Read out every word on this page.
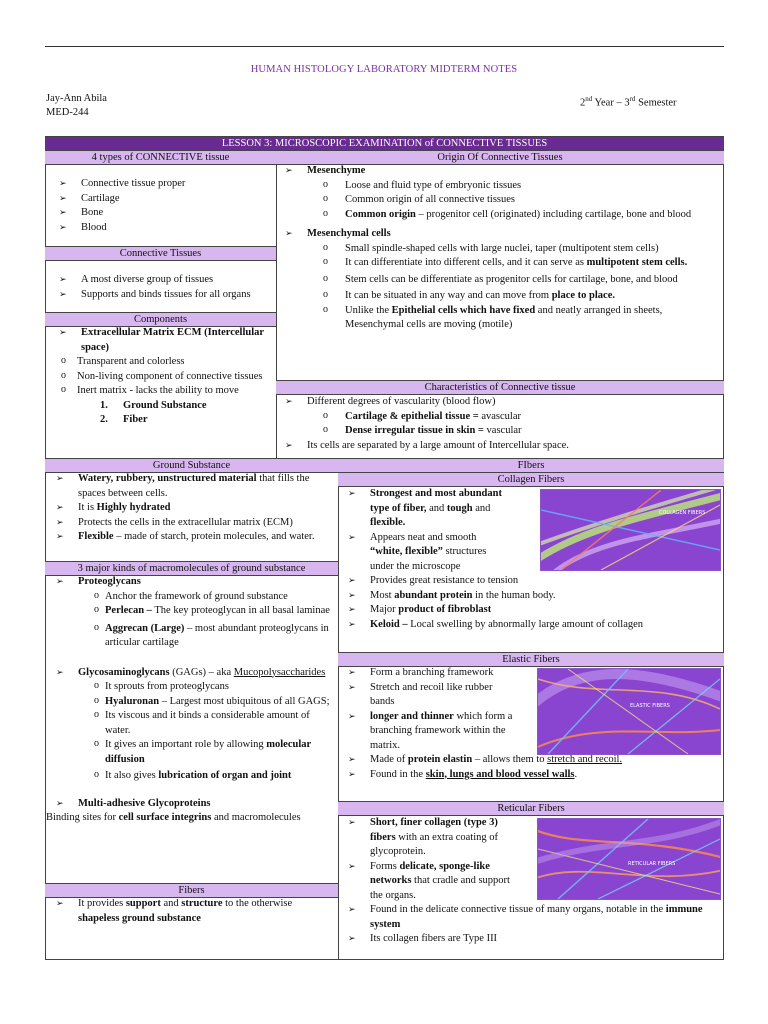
HUMAN HISTOLOGY LABORATORY MIDTERM NOTES
Jay-Ann Abila
MED-244
2nd Year – 3rd Semester
LESSON 3: MICROSCOPIC EXAMINATION of CONNECTIVE TISSUES
4 types of CONNECTIVE tissue	Origin Of Connective Tissues
➢ Connective tissue proper
➢ Cartilage
➢ Bone
➢ Blood
Connective Tissues
➢ A most diverse group of tissues
➢ Supports and binds tissues for all organs
Components
➢ Extracellular Matrix ECM (Intercellular space)
o Transparent and colorless
o Non-living component of connective tissues
o Inert matrix - lacks the ability to move
1. Ground Substance
2. Fiber
➢ Mesenchyme
o Loose and fluid type of embryonic tissues
o Common origin of all connective tissues
o Common origin – progenitor cell (originated) including cartilage, bone and blood
➢ Mesenchymal cells
o Small spindle-shaped cells with large nuclei, taper (multipotent stem cells)
o It can differentiate into different cells, and it can serve as multipotent stem cells.
o Stem cells can be differentiate as progenitor cells for cartilage, bone, and blood
o It can be situated in any way and can move from place to place.
o Unlike the Epithelial cells which have fixed and neatly arranged in sheets, Mesenchymal cells are moving (motile)
Characteristics of Connective tissue
➢ Different degrees of vascularity (blood flow)
o Cartilage & epithelial tissue = avascular
o Dense irregular tissue in skin = vascular
➢ Its cells are separated by a large amount of Intercellular space.
Ground Substance	FIbers
➢ Watery, rubbery, unstructured material that fills the spaces between cells.
➢ It is Highly hydrated
➢ Protects the cells in the extracellular matrix (ECM)
➢ Flexible – made of starch, protein molecules, and water.
3 major kinds of macromolecules of ground substance
➢ Proteoglycans
o Anchor the framework of ground substance
o Perlecan – The key proteoglycan in all basal laminae
o Aggrecan (Large) – most abundant proteoglycans in articular cartilage
➢ Glycosaminoglycans (GAGs) – aka Mucopolysaccharides
o It sprouts from proteoglycans
o Hyaluronan – Largest most ubiquitous of all GAGS;
o Its viscous and it binds a considerable amount of water.
o It gives an important role by allowing molecular diffusion
o It also gives lubrication of organ and joint
➢ Multi-adhesive Glycoproteins
Binding sites for cell surface integrins and macromolecules
Fibers
➢ It provides support and structure to the otherwise shapeless ground substance
Collagen Fibers
➢ Strongest and most abundant type of fiber, and tough and flexible.
➢ Appears neat and smooth “white, flexible” structures under the microscope
➢ Provides great resistance to tension
➢ Most abundant protein in the human body.
➢ Major product of fibroblast
➢ Keloid – Local swelling by abnormally large amount of collagen
COLLAGEN FIBERS
Elastic Fibers
➢ Form a branching framework
➢ Stretch and recoil like rubber bands
➢ longer and thinner which form a branching framework within the matrix.
➢ Made of protein elastin – allows them to stretch and recoil.
➢ Found in the skin, lungs and blood vessel walls.
ELASTIC FIBERS
Reticular Fibers
➢ Short, finer collagen (type 3) fibers with an extra coating of glycoprotein.
➢ Forms delicate, sponge-like networks that cradle and support the organs.
➢ Found in the delicate connective tissue of many organs, notable in the immune system
➢ Its collagen fibers are Type III
RETICULAR FIBERS
